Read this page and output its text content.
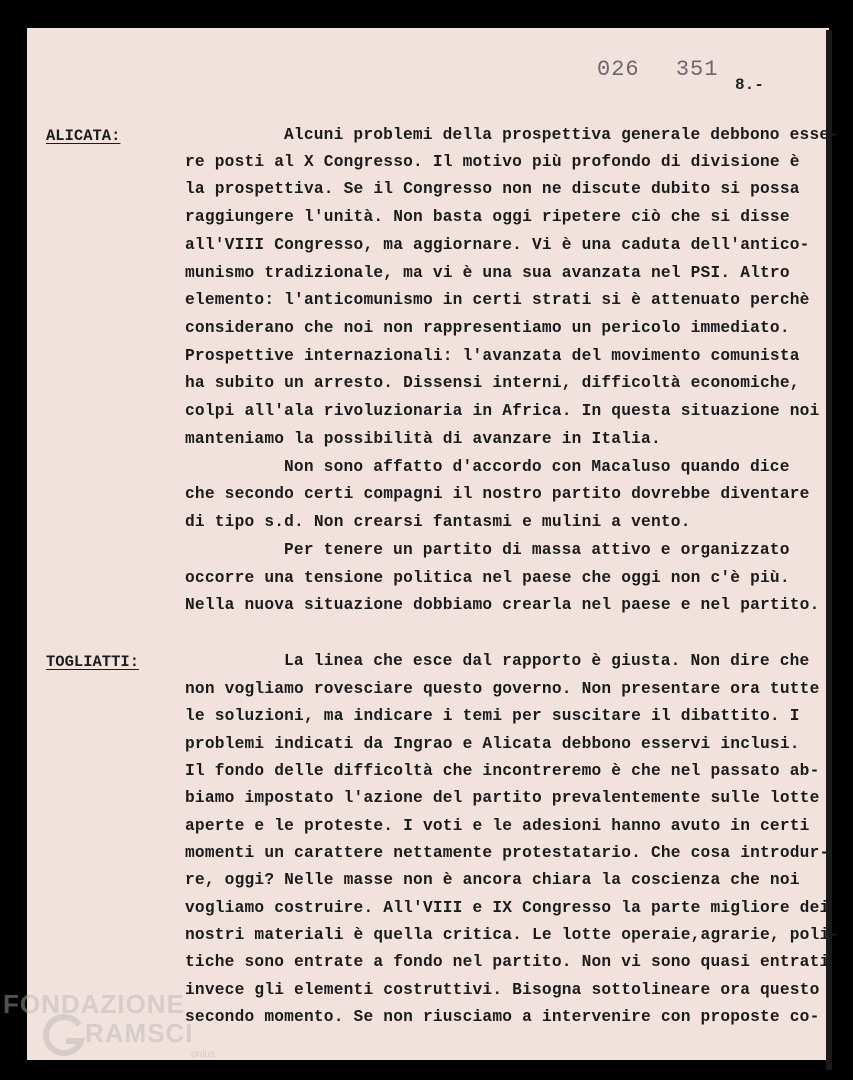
026 351
8.-
ALICATA:	Alcuni problemi della prospettiva generale debbono esse-
re posti al X Congresso. Il motivo più profondo di divisione è
la prospettiva. Se il Congresso non ne discute dubito si possa
raggiungere l'unità. Non basta oggi ripetere ciò che si disse
all'VIII Congresso, ma aggiornare. Vi è una caduta dell'antico-
munismo tradizionale, ma vi è una sua avanzata nel PSI. Altro
elemento: l'anticomunismo in certi strati si è attenuato perchè
considerano che noi non rappresentiamo un pericolo immediato.
Prospettive internazionali: l'avanzata del movimento comunista
ha subito un arresto. Dissensi interni, difficoltà economiche,
colpi all'ala rivoluzionaria in Africa. In questa situazione noi
manteniamo la possibilità di avanzare in Italia.
Non sono affatto d'accordo con Macaluso quando dice
che secondo certi compagni il nostro partito dovrebbe diventare
di tipo s.d. Non crearsi fantasmi e mulini a vento.
Per tenere un partito di massa attivo e organizzato
occorre una tensione politica nel paese che oggi non c'è più.
Nella nuova situazione dobbiamo crearla nel paese e nel partito.
TOGLIATTI:	La linea che esce dal rapporto è giusta. Non dire che
non vogliamo rovesciare questo governo. Non presentare ora tutte
le soluzioni, ma indicare i temi per suscitare il dibattito. I
problemi indicati da Ingrao e Alicata debbono esservi inclusi.
Il fondo delle difficoltà che incontreremo è che nel passato ab-
biamo impostato l'azione del partito prevalentemente sulle lotte
aperte e le proteste. I voti e le adesioni hanno avuto in certi
momenti un carattere nettamente protestatario. Che cosa introdur-
re, oggi? Nelle masse non è ancora chiara la coscienza che noi
vogliamo costruire. All'VIII e IX Congresso la parte migliore dei
nostri materiali è quella critica. Le lotte operaie,agrarie, poli-
tiche sono entrate a fondo nel partito. Non vi sono quasi entrati
invece gli elementi costruttivi. Bisogna sottolineare ora questo
secondo momento. Se non riusciamo a intervenire con proposte co-
FONDAZIONE
RAMSCI
onlus
